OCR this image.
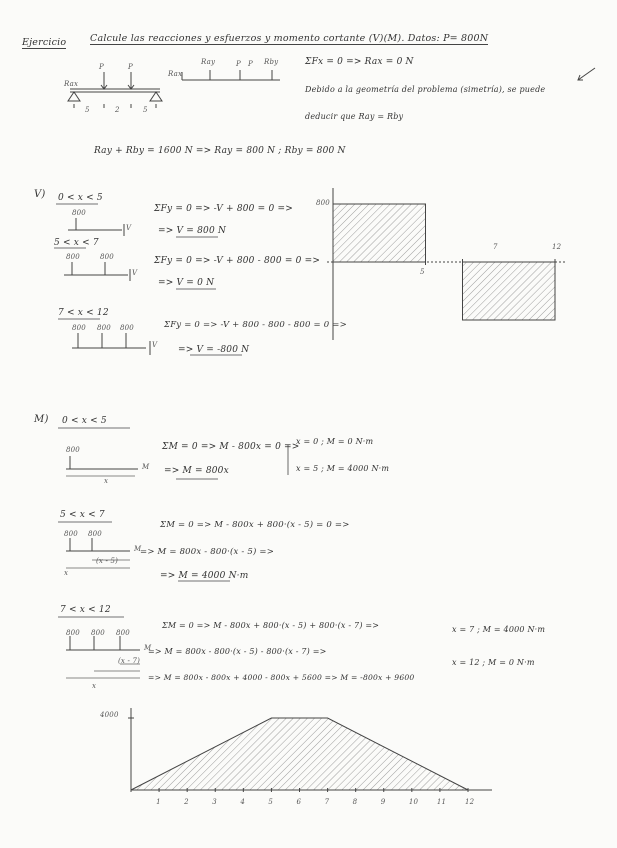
Ejercicio Calcule las reacciones y esfuerzos y momento cortante (V)(M). Datos: P= 800N
P	P
5	2	5
Rax
Rax
Ray	P P Rby	ΣFx = 0 => Rax = 0 N
Debido a la geometría del problema (simetría), se puede
deducir que Ray = Rby
Ray + Rby = 1600 N => Ray = 800 N ; Rby = 800 N
V) 0 < x < 5
800
V
ΣFy = 0 => -V + 800 = 0 =>
=> V = 800 N
5 < x < 7
800	800
V
ΣFy = 0 => -V + 800 - 800 = 0 =>
=> V = 0 N
7 < x < 12
800 800 800
V
ΣFy = 0 => -V + 800 - 800 - 800 = 0 =>
=> V = -800 N
800
5
7	12
M) 0 < x < 5
800
M
x
ΣM = 0 => M - 800x = 0 =>
=> M = 800x
x = 0 ; M = 0 N·m
x = 5 ; M = 4000 N·m
5 < x < 7
800 800
M
(x - 5)
x
ΣM = 0 => M - 800x + 800·(x - 5) = 0 =>
=> M = 800x - 800·(x - 5) =>
=> M = 4000 N·m
7 < x < 12
800 800 800
M
(x - 7)
x
ΣM = 0 => M - 800x + 800·(x - 5) + 800·(x - 7) =>
=> M = 800x - 800·(x - 5) - 800·(x - 7) =>
=> M = 800x - 800x + 4000 - 800x + 5600 => M = -800x + 9600
x = 7 ; M = 4000 N·m
x = 12 ; M = 0 N·m
4000
1	2	3	4	5	6	7	8	9	10	11	12
